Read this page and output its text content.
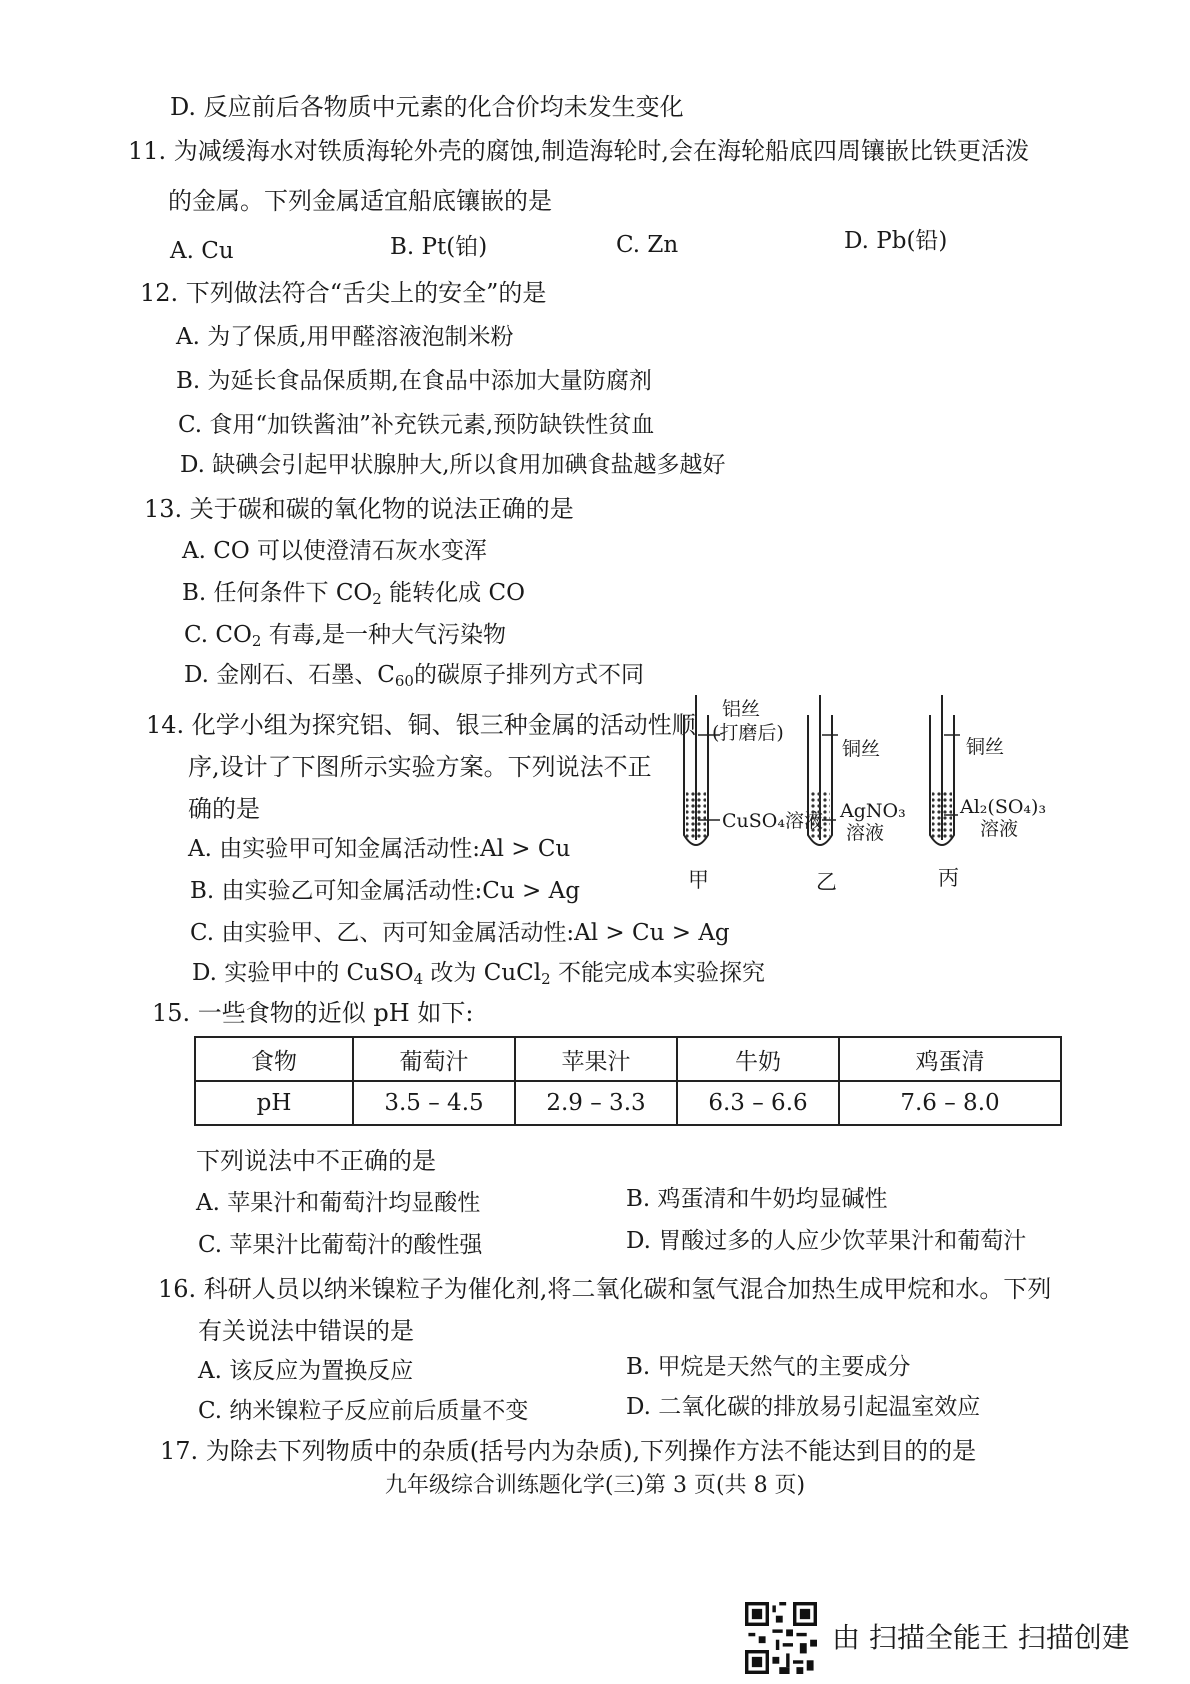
D. 反应前后各物质中元素的化合价均未发生变化
11. 为减缓海水对铁质海轮外壳的腐蚀,制造海轮时,会在海轮船底四周镶嵌比铁更活泼
的金属。下列金属适宜船底镶嵌的是
A. Cu	B. Pt(铂)	C. Zn	D. Pb(铅)
12. 下列做法符合“舌尖上的安全”的是
A. 为了保质,用甲醛溶液泡制米粉
B. 为延长食品保质期,在食品中添加大量防腐剂
C. 食用“加铁酱油”补充铁元素,预防缺铁性贫血
D. 缺碘会引起甲状腺肿大,所以食用加碘食盐越多越好
13. 关于碳和碳的氧化物的说法正确的是
A. CO 可以使澄清石灰水变浑
B. 任何条件下 $CO_2$ 能转化成 CO
C. $CO_2$ 有毒,是一种大气污染物
D. 金刚石、石墨、$C_{60}$的碳原子排列方式不同
14. 化学小组为探究铝、铜、银三种金属的活动性顺
序,设计了下图所示实验方案。下列说法不正
确的是
A. 由实验甲可知金属活动性:Al > Cu
B. 由实验乙可知金属活动性:Cu > Ag
C. 由实验甲、乙、丙可知金属活动性:Al > Cu > Ag
D. 实验甲中的 CuSO$_4$ 改为 CuCl$_2$ 不能完成本实验探究
铝丝
(打磨后)
CuSO₄溶液
甲
铜丝
AgNO₃
溶液
乙
铜丝
Al₂(SO₄)₃
溶液
丙
15. 一些食物的近似 pH 如下:
食物	葡萄汁	苹果汁	牛奶	鸡蛋清
pH	3.5 – 4.5	2.9 – 3.3	6.3 – 6.6	7.6 – 8.0
下列说法中不正确的是
A. 苹果汁和葡萄汁均显酸性	B. 鸡蛋清和牛奶均显碱性
C. 苹果汁比葡萄汁的酸性强	D. 胃酸过多的人应少饮苹果汁和葡萄汁
16. 科研人员以纳米镍粒子为催化剂,将二氧化碳和氢气混合加热生成甲烷和水。下列
有关说法中错误的是
A. 该反应为置换反应	B. 甲烷是天然气的主要成分
C. 纳米镍粒子反应前后质量不变	D. 二氧化碳的排放易引起温室效应
17. 为除去下列物质中的杂质(括号内为杂质),下列操作方法不能达到目的的是
九年级综合训练题化学(三)第 3 页(共 8 页)
由 扫描全能王 扫描创建
